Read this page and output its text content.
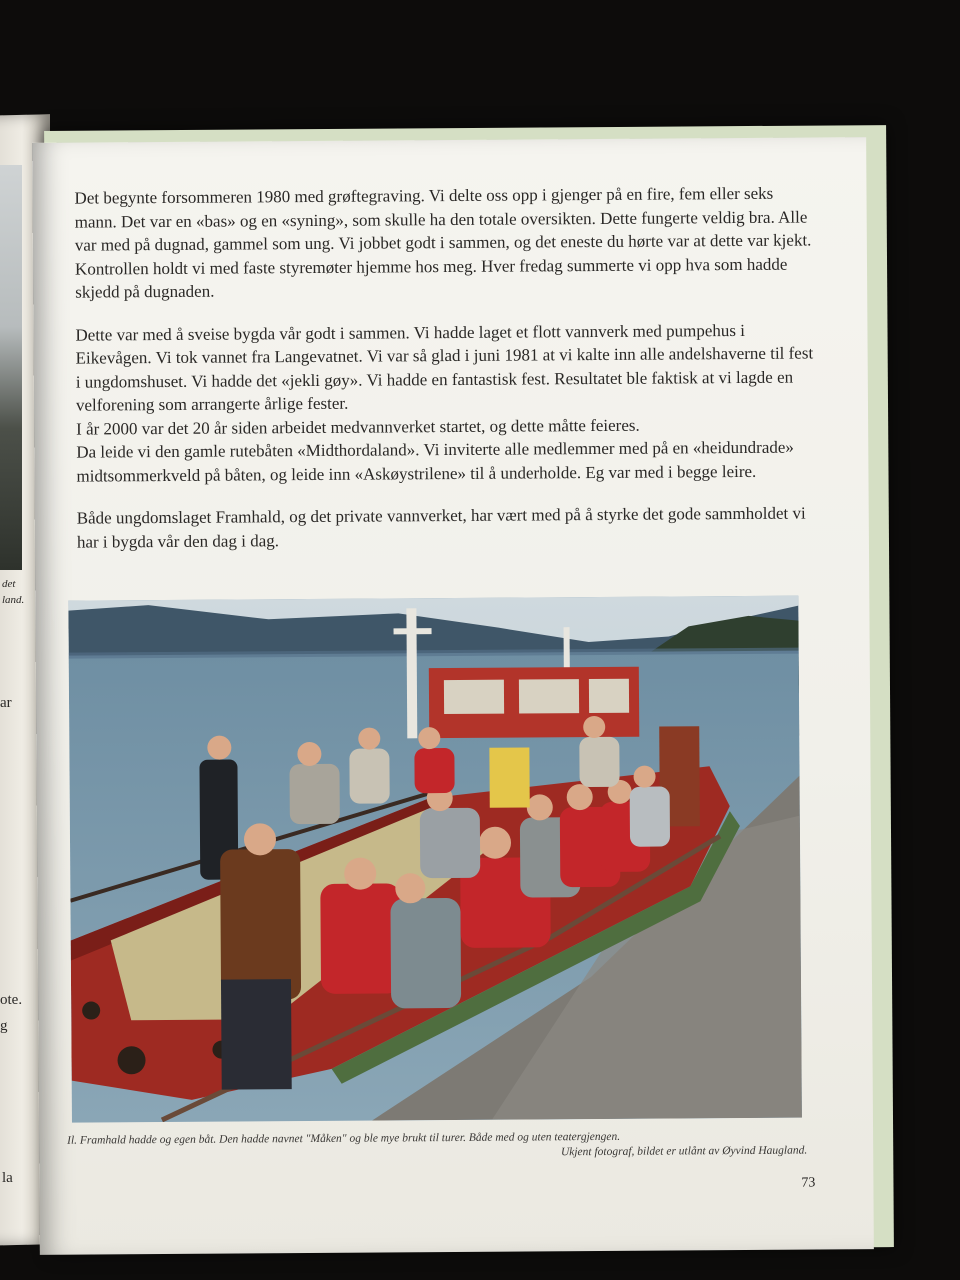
det
land.
ar
ote.
g
la

Det begynte forsommeren 1980 med grøftegraving. Vi delte oss opp i gjenger på en fire, fem eller seks mann. Det var en «bas» og en «syning», som skulle ha den totale oversikten. Dette fungerte veldig bra. Alle var med på dugnad, gammel som ung. Vi jobbet godt i sammen, og det eneste du hørte var at dette var kjekt. Kontrollen holdt vi med faste styremøter hjemme hos meg. Hver fredag summerte vi opp hva som hadde skjedd på dugnaden.

Dette var med å sveise bygda vår godt i sammen. Vi hadde laget et flott vannverk med pumpehus i Eikevågen. Vi tok vannet fra Langevatnet. Vi var så glad i juni 1981 at vi kalte inn alle andelshaverne til fest i ungdomshuset. Vi hadde det «jekli gøy». Vi hadde en fantastisk fest. Resultatet ble faktisk at vi lagde en velforening som arrangerte årlige fester.

I år 2000 var det 20 år siden arbeidet medvannverket startet, og dette måtte feieres.

Da leide vi den gamle rutebåten «Midthordaland». Vi inviterte alle medlemmer med på en «heidundrade» midtsommerkveld på båten, og leide inn «Askøystrilene» til å underholde. Eg var med i begge leire.

Både ungdomslaget Framhald, og det private vannverket, har vært med på å styrke det gode sammholdet vi har i bygda vår den dag i dag.

Il. Framhald hadde og egen båt. Den hadde navnet "Måken" og ble mye brukt til turer. Både med og uten teatergjengen.
Ukjent fotograf, bildet er utlånt av Øyvind Haugland.
73
